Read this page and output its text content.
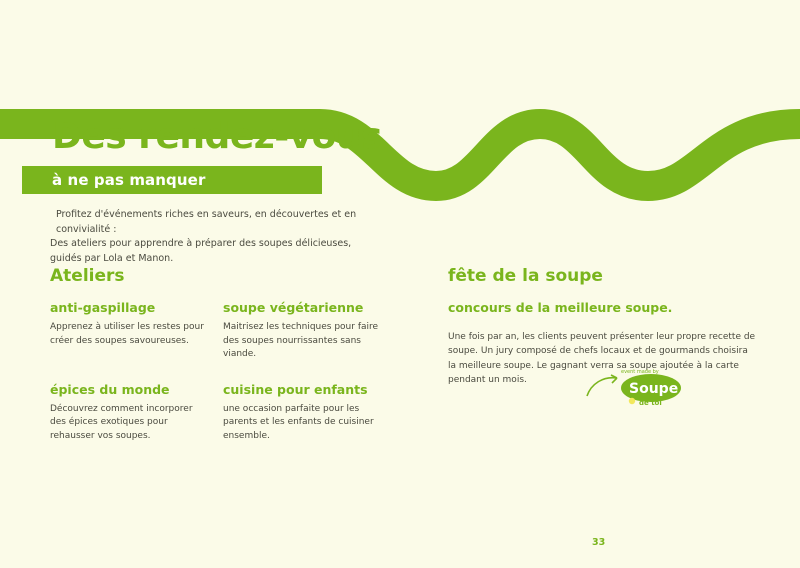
Des rendez-vous
à ne pas manquer
Profitez d'événements riches en saveurs, en découvertes et en convivialité :
Des ateliers pour apprendre à préparer des soupes délicieuses, guidés par Lola et Manon.
Ateliers	fête de la soupe
anti-gaspillage

Apprenez à utiliser les restes pour créer des soupes savoureuses.

soupe végétarienne

Maitrisez les techniques pour faire des soupes nourrissantes sans viande.

épices du monde

Découvrez comment incorporer des épices exotiques pour rehausser vos soupes.

cuisine pour enfants

une occasion parfaite pour les parents et les enfants de cuisiner ensemble.

concours de la meilleure soupe.

Une fois par an, les clients peuvent présenter leur propre recette de soupe. Un jury composé de chefs locaux et de gourmands choisira la meilleure soupe. Le gagnant verra sa soupe ajoutée à la carte pendant un mois.

event made by
Soupe
de toi
33
